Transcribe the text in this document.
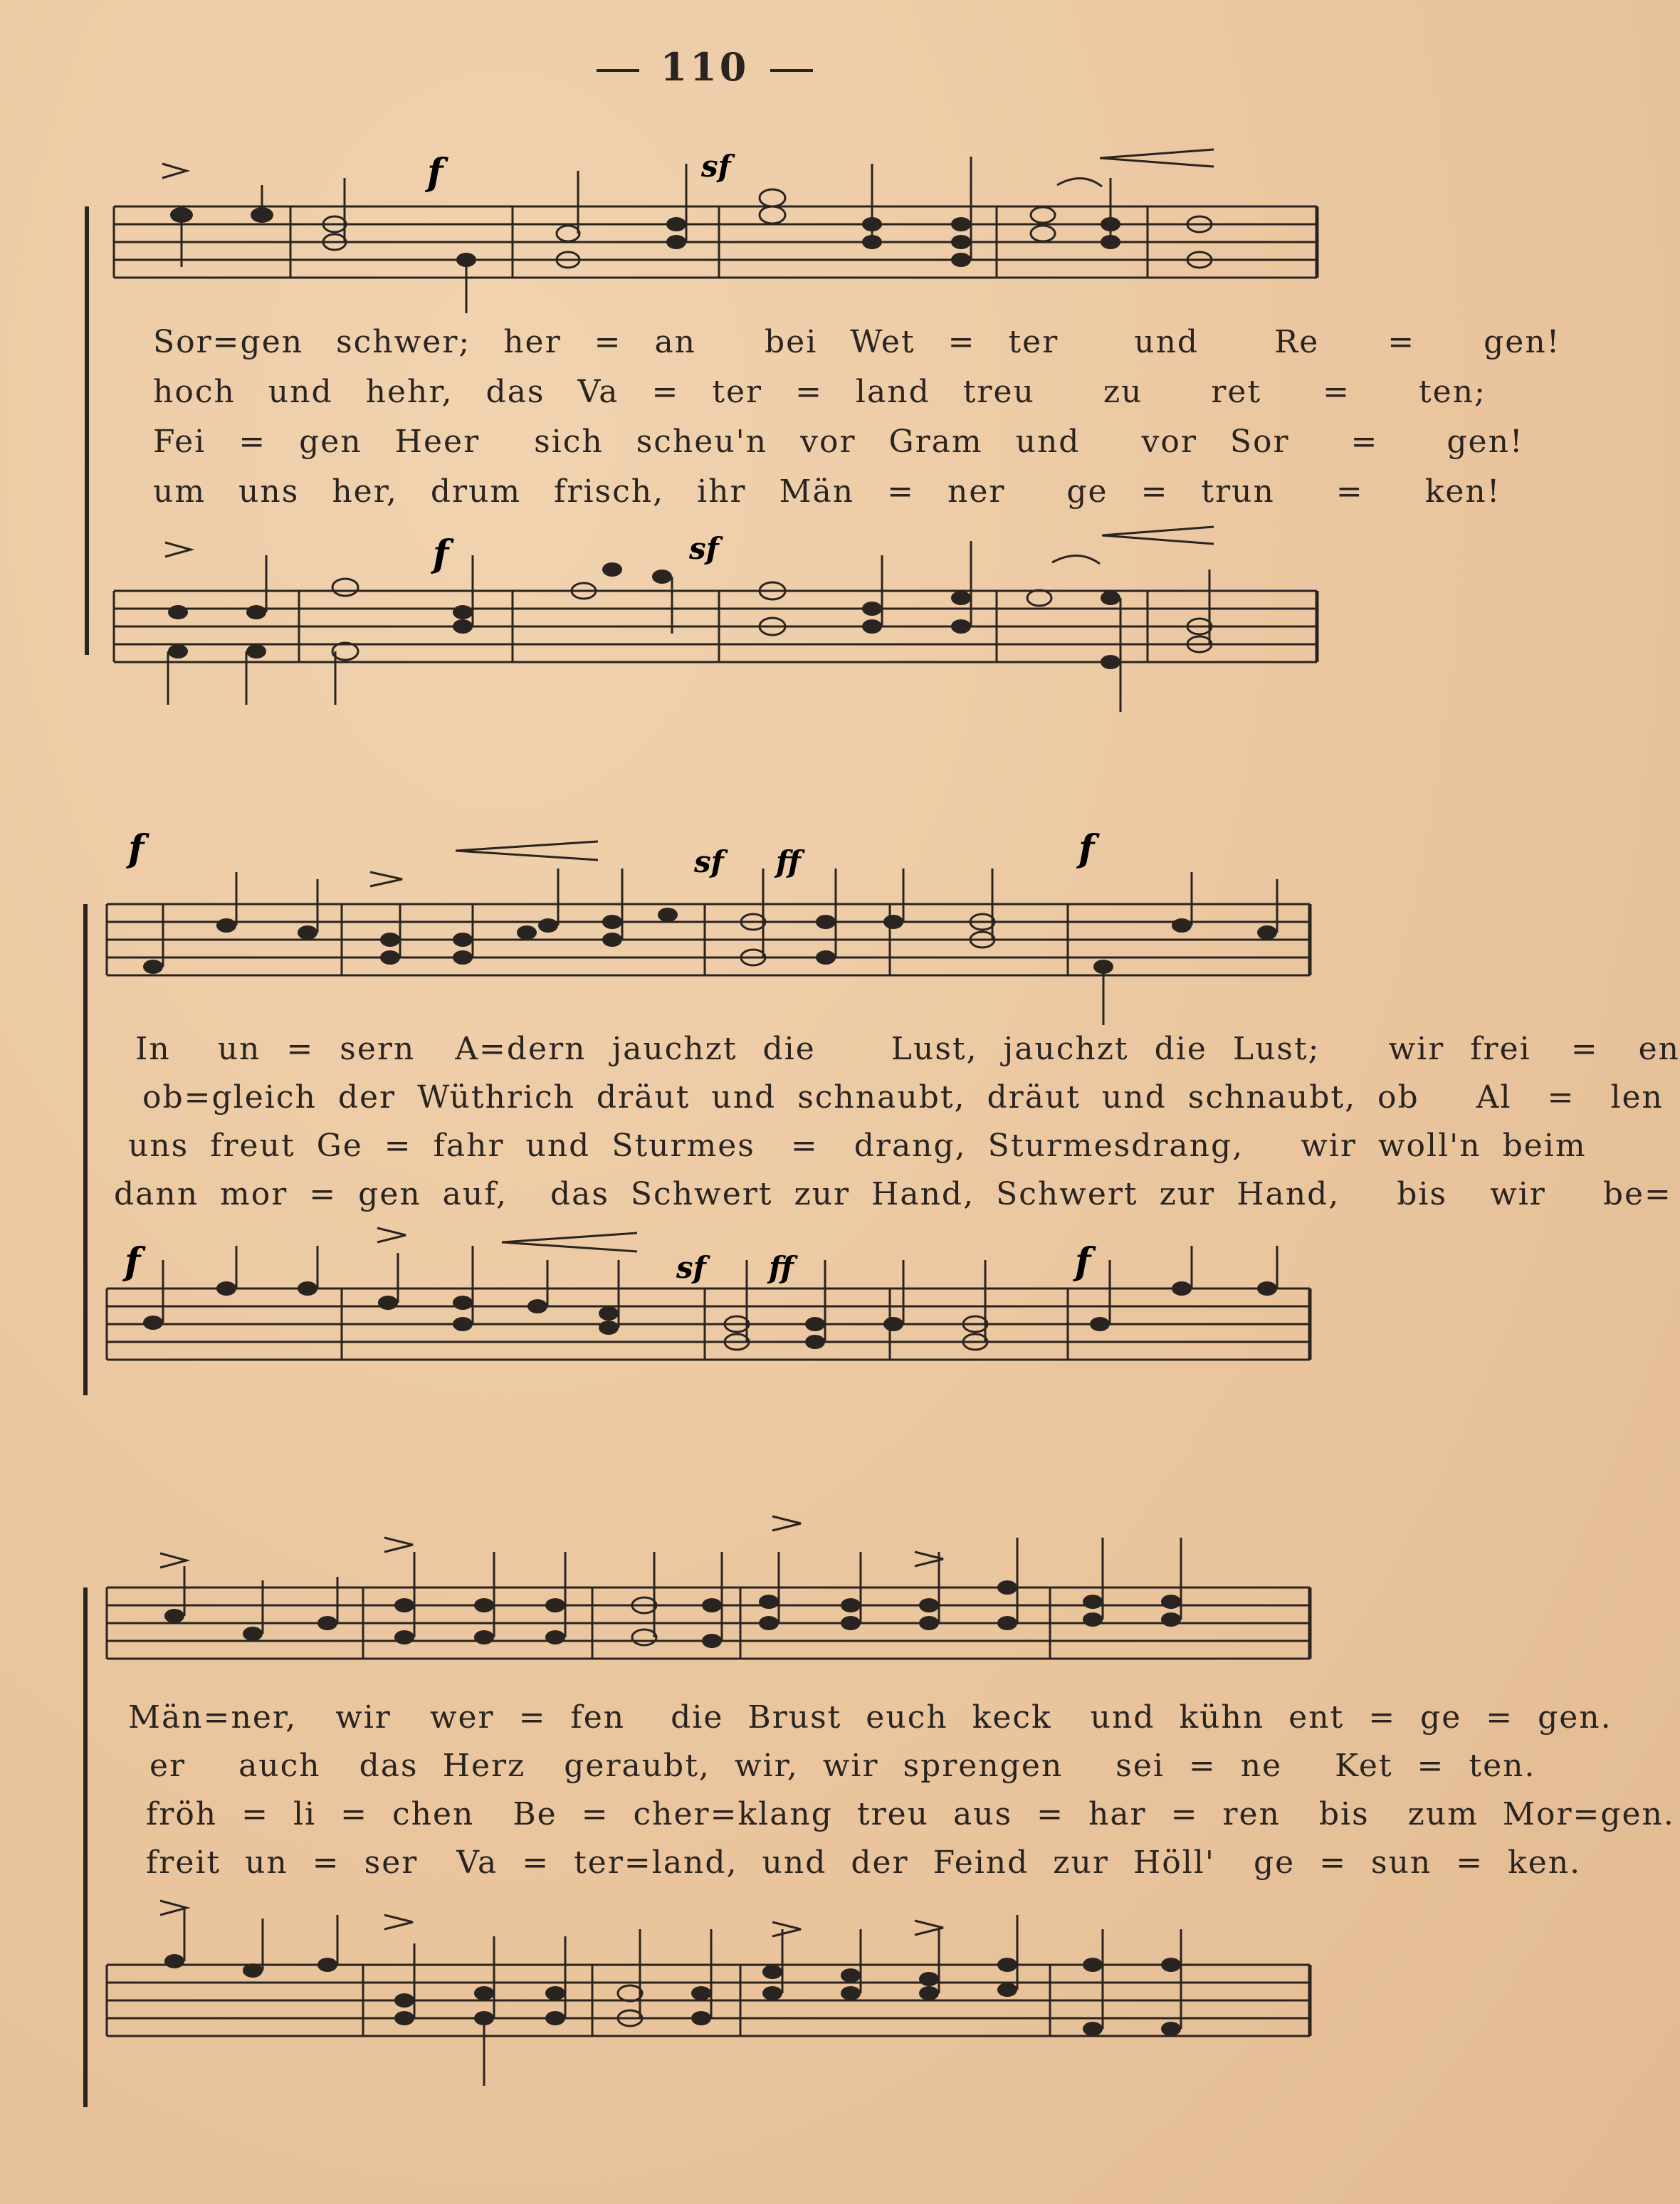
110
f	sf
Sor=gen schwer; her = an bei Wet = ter und Re = gen!
hoch und hehr, das Va = ter = land treu zu ret = ten;
Fei = gen Heer sich scheu'n vor Gram und vor Sor = gen!
um uns her, drum frisch, ihr Män = ner ge = trun = ken!
f	sf
f	sf ff	f
In un = sern A=dern jauchzt die Lust, jauchzt die Lust; wir frei = en
ob=gleich der Wüthrich dräut und schnaubt, dräut und schnaubt, ob Al = len
uns freut Ge = fahr und Sturmes = drang, Sturmesdrang, wir woll'n beim
dann mor = gen auf, das Schwert zur Hand, Schwert zur Hand, bis wir be=
f	sf ff	f
Män=ner, wir wer = fen die Brust euch keck und kühn ent = ge = gen.
er auch das Herz geraubt, wir, wir sprengen sei = ne Ket = ten.
fröh = li = chen Be = cher=klang treu aus = har = ren bis zum Mor=gen.
freit un = ser Va = ter=land, und der Feind zur Höll' ge = sun = ken.
